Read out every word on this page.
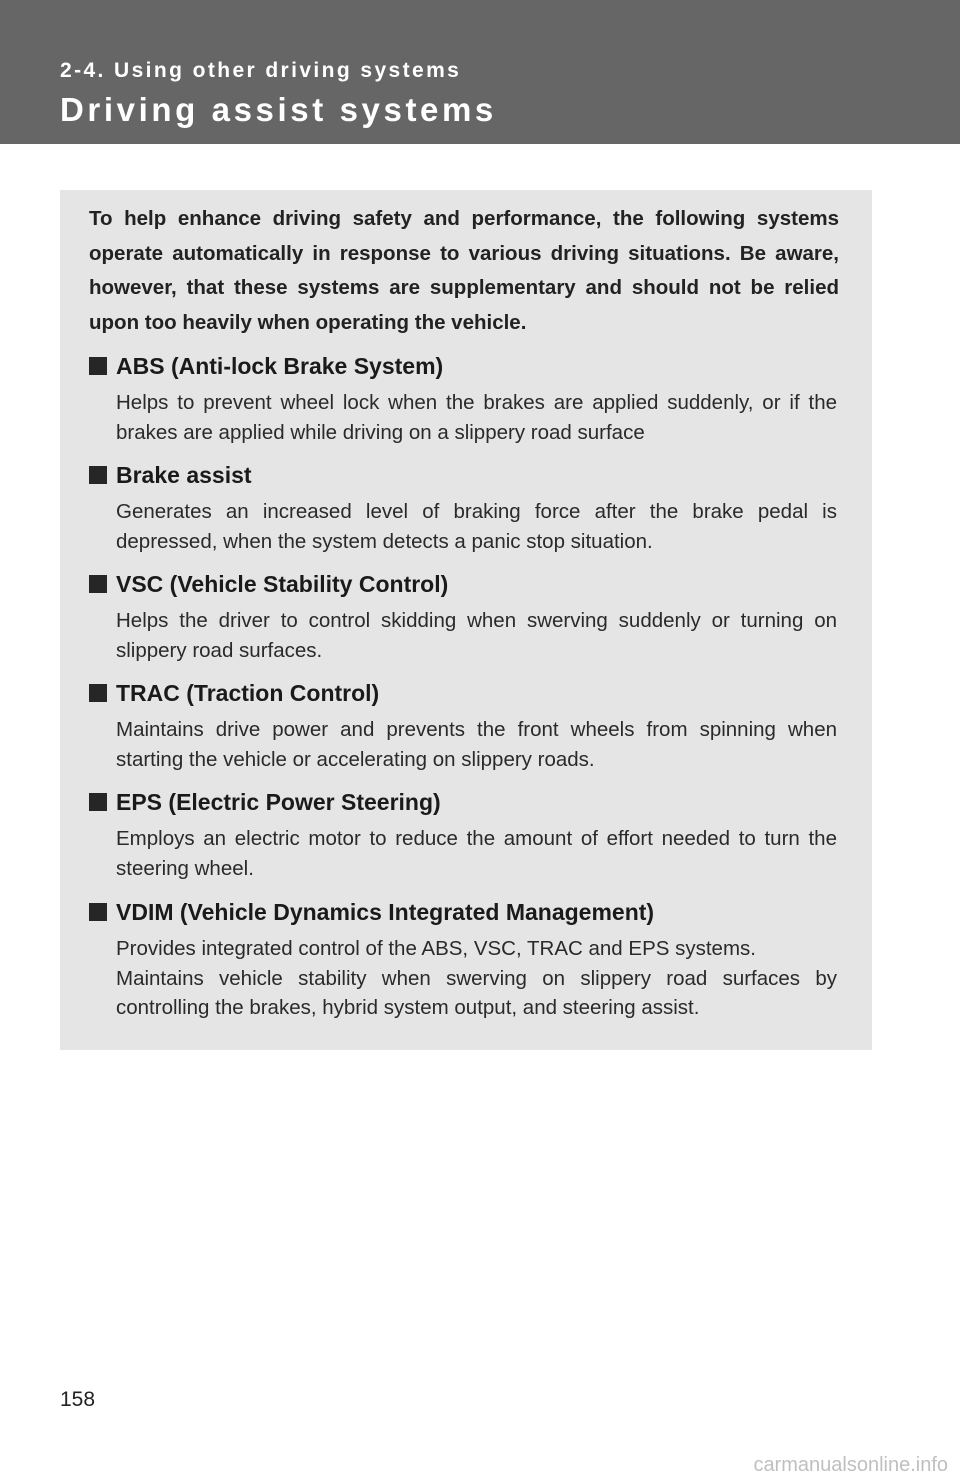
2-4. Using other driving systems
Driving assist systems
To help enhance driving safety and performance, the following systems operate automatically in response to various driving situations. Be aware, however, that these systems are supplementary and should not be relied upon too heavily when operating the vehicle.
ABS (Anti-lock Brake System)

Helps to prevent wheel lock when the brakes are applied suddenly, or if the brakes are applied while driving on a slippery road surface

Brake assist

Generates an increased level of braking force after the brake pedal is depressed, when the system detects a panic stop situation.

VSC (Vehicle Stability Control)

Helps the driver to control skidding when swerving suddenly or turning on slippery road surfaces.

TRAC (Traction Control)

Maintains drive power and prevents the front wheels from spinning when starting the vehicle or accelerating on slippery roads.

EPS (Electric Power Steering)

Employs an electric motor to reduce the amount of effort needed to turn the steering wheel.

VDIM (Vehicle Dynamics Integrated Management)

Provides integrated control of the ABS, VSC, TRAC and EPS systems.

Maintains vehicle stability when swerving on slippery road surfaces by controlling the brakes, hybrid system output, and steering assist.

158
carmanualsonline.info
